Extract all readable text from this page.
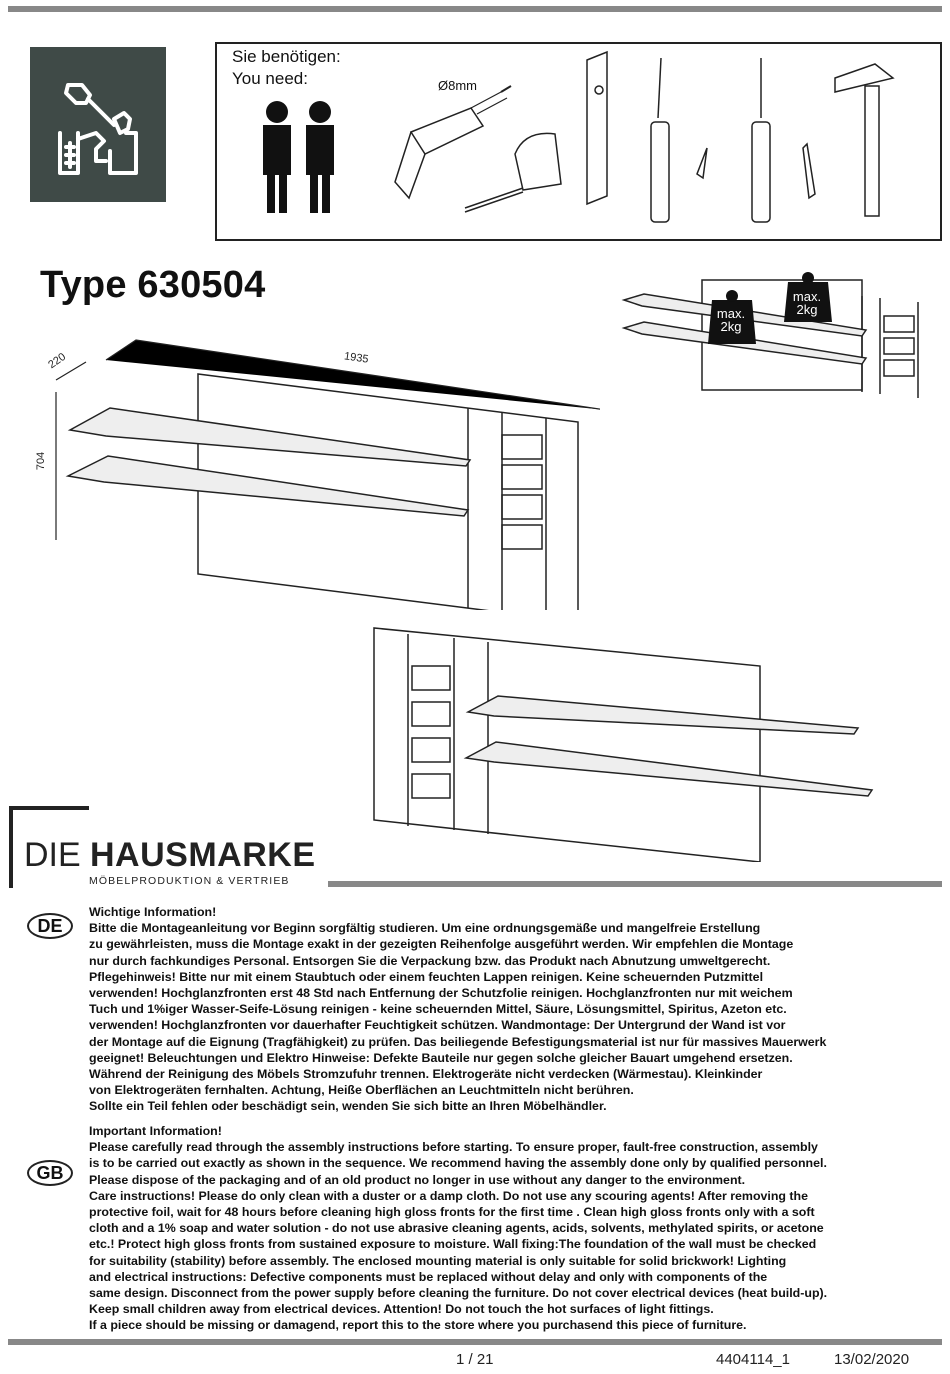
Sie benötigen:
You need:	Ø8mm
Type 630504
220	1935
704
max.
2kg
max.
2kg
DIE HAUSMARKE
MÖBELPRODUKTION & VERTRIEB
DE

Wichtige Information!

Bitte die Montageanleitung vor Beginn sorgfältig studieren. Um eine ordnungsgemäße und mangelfreie Erstellung

zu gewährleisten, muss die Montage exakt in der gezeigten Reihenfolge ausgeführt werden. Wir empfehlen die Montage

nur durch fachkundiges Personal. Entsorgen Sie die Verpackung bzw. das Produkt nach Abnutzung umweltgerecht.

Pflegehinweis! Bitte nur mit einem Staubtuch oder einem feuchten Lappen reinigen. Keine scheuernden Putzmittel

verwenden! Hochglanzfronten erst 48 Std nach Entfernung der Schutzfolie reinigen. Hochglanzfronten nur mit weichem

Tuch und 1%iger Wasser-Seife-Lösung reinigen - keine scheuernden Mittel, Säure, Lösungsmittel, Spiritus, Azeton etc.

verwenden! Hochglanzfronten vor dauerhafter Feuchtigkeit schützen. Wandmontage: Der Untergrund der Wand ist vor

der Montage auf die Eignung (Tragfähigkeit) zu prüfen. Das beiliegende Befestigungsmaterial ist nur für massives Mauerwerk

geeignet! Beleuchtungen und Elektro Hinweise: Defekte Bauteile nur gegen solche gleicher Bauart umgehend ersetzen.

Während der Reinigung des Möbels Stromzufuhr trennen. Elektrogeräte nicht verdecken (Wärmestau). Kleinkinder

von Elektrogeräten fernhalten. Achtung, Heiße Oberflächen an Leuchtmitteln nicht berühren.

Sollte ein Teil fehlen oder beschädigt sein, wenden Sie sich bitte an Ihren Möbelhändler.

GB

Important Information!

Please carefully read through the assembly instructions before starting. To ensure proper, fault-free construction, assembly

is to be carried out exactly as shown in the sequence. We recommend having the assembly done only by qualified personnel.

Please dispose of the packaging and of an old product no longer in use without any danger to the environment.

Care instructions! Please do only clean with a duster or a damp cloth. Do not use any scouring agents! After removing the

protective foil, wait for 48 hours before cleaning high gloss fronts for the first time . Clean high gloss fronts only with a soft

cloth and a 1% soap and water solution - do not use abrasive cleaning agents, acids, solvents, methylated spirits, or acetone

etc.! Protect high gloss fronts from sustained exposure to moisture. Wall fixing:The foundation of the wall must be checked

for suitability (stability) before assembly. The enclosed mounting material is only suitable for solid brickwork! Lighting

and electrical instructions: Defective components must be replaced without delay and only with components of the

same design. Disconnect from the power supply before cleaning the furniture. Do not cover electrical devices (heat build-up).

Keep small children away from electrical devices. Attention! Do not touch the hot surfaces of light fittings.

If a piece should be missing or damagend, report this to the store where you purchasend this piece of furniture.

1 / 21	4404114_1	13/02/2020
